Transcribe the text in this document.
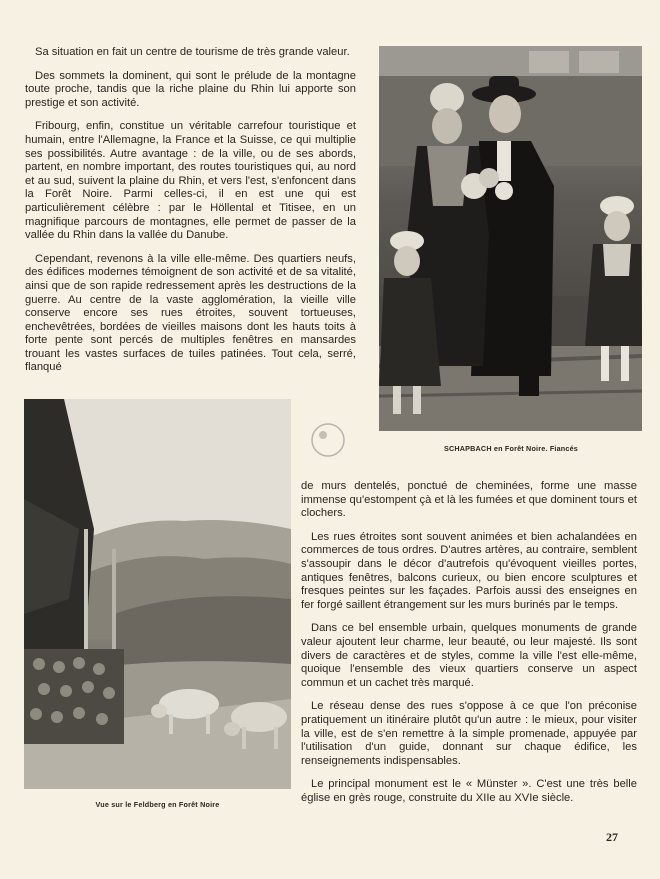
Sa situation en fait un centre de tourisme de très grande valeur.

Des sommets la dominent, qui sont le prélude de la montagne toute proche, tandis que la riche plaine du Rhin lui apporte son prestige et son activité.

Fribourg, enfin, constitue un véritable carrefour touristique et humain, entre l'Allemagne, la France et la Suisse, ce qui multiplie ses possibilités. Autre avantage : de la ville, ou de ses abords, partent, en nombre important, des routes touristiques qui, au nord et au sud, suivent la plaine du Rhin, et vers l'est, s'enfoncent dans la Forêt Noire. Parmi celles-ci, il en est une qui est particulièrement célèbre : par le Höllental et Titisee, en un magnifique parcours de montagnes, elle permet de passer de la vallée du Rhin dans la vallée du Danube.

Cependant, revenons à la ville elle-même. Des quartiers neufs, des édifices modernes témoignent de son activité et de sa vitalité, ainsi que de son rapide redressement après les destructions de la guerre. Au centre de la vaste agglomération, la vieille ville conserve encore ses rues étroites, souvent tortueuses, enchevêtrées, bordées de vieilles maisons dont les hauts toits à forte pente sont percés de multiples fenêtres en mansardes trouant les vastes surfaces de tuiles patinées. Tout cela, serré, flanqué

SCHAPBACH en Forêt Noire. Fiancés
Vue sur le Feldberg en Forêt Noire

de murs dentelés, ponctué de cheminées, forme une masse immense qu'estompent çà et là les fumées et que dominent tours et clochers.

Les rues étroites sont souvent animées et bien achalandées en commerces de tous ordres. D'autres artères, au contraire, semblent s'assoupir dans le décor d'autrefois qu'évoquent vieilles portes, antiques fenêtres, balcons curieux, ou bien encore sculptures et fresques peintes sur les façades. Parfois aussi des enseignes en fer forgé saillent étrangement sur les murs burinés par le temps.

Dans ce bel ensemble urbain, quelques monuments de grande valeur ajoutent leur charme, leur beauté, ou leur majesté. Ils sont divers de caractères et de styles, comme la ville l'est elle-même, quoique l'ensemble des vieux quartiers conserve un aspect commun et un cachet très marqué.

Le réseau dense des rues s'oppose à ce que l'on préconise pratiquement un itinéraire plutôt qu'un autre : le mieux, pour visiter la ville, est de s'en remettre à la simple promenade, appuyée par l'utilisation d'un guide, donnant sur chaque édifice, les renseignements indispensables.

Le principal monument est le « Münster ». C'est une très belle église en grès rouge, construite du XIIe au XVIe siècle.

27
